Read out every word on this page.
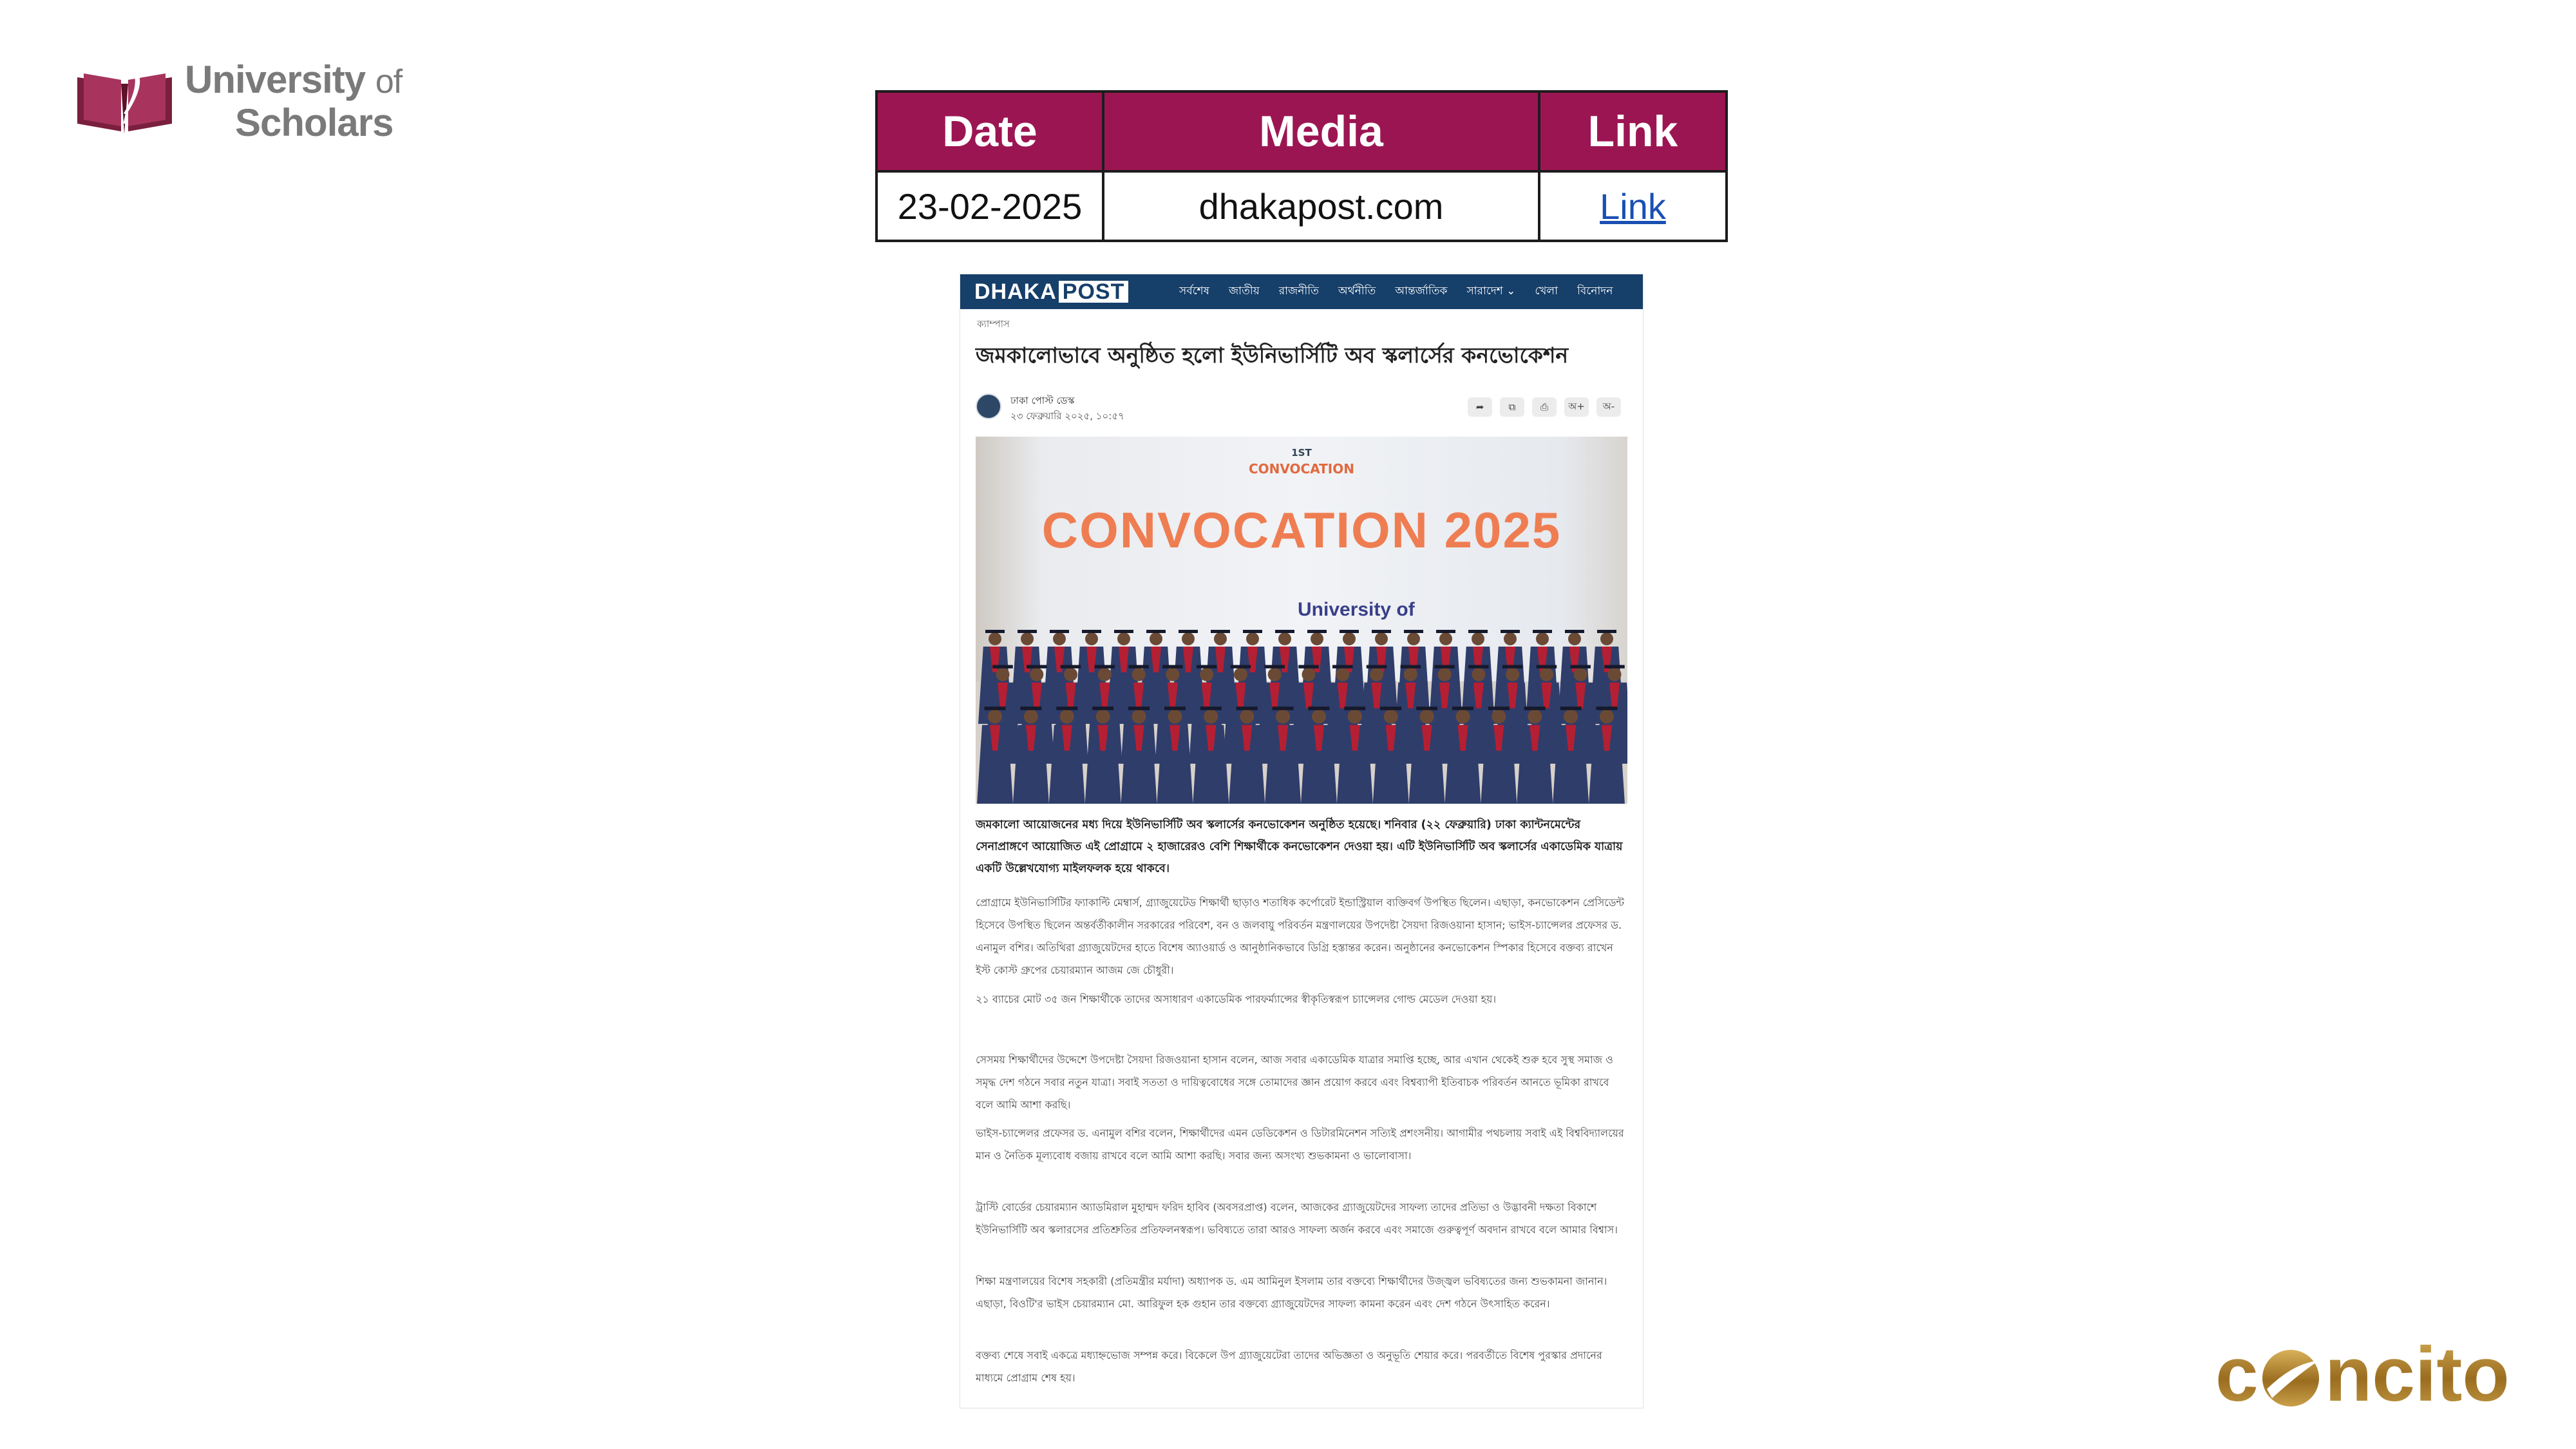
University of
Scholars	Date	Media	Link
23-02-2025	dhakapost.com	Link
DHAKA POST	সর্বশেষ জাতীয় রাজনীতি অর্থনীতি আন্তর্জাতিক সারাদেশ ⌄ খেলা বিনোদন
ক্যাম্পাস
জমকালোভাবে অনুষ্ঠিত হলো ইউনিভার্সিটি অব স্কলার্সের কনভোকেশন
ঢাকা পোস্ট ডেস্ক
২৩ ফেব্রুয়ারি ২০২৫, ১০:৫৭
➦	⧉	⎙	অ+	অ-
1ST
CONVOCATION
CONVOCATION 2025
University of
জমকালো আয়োজনের মধ্য দিয়ে ইউনিভার্সিটি অব স্কলার্সের কনভোকেশন অনুষ্ঠিত হয়েছে। শনিবার (২২ ফেব্রুয়ারি) ঢাকা ক্যান্টনমেন্টের সেনাপ্রাঙ্গণে আয়োজিত এই প্রোগ্রামে ২ হাজারেরও বেশি শিক্ষার্থীকে কনভোকেশন দেওয়া হয়। এটি ইউনিভার্সিটি অব স্কলার্সের একাডেমিক যাত্রায় একটি উল্লেখযোগ্য মাইলফলক হয়ে থাকবে।
প্রোগ্রামে ইউনিভার্সিটির ফ্যাকাল্টি মেম্বার্স, গ্র্যাজুয়েটেড শিক্ষার্থী ছাড়াও শতাধিক কর্পোরেট ইন্ডাস্ট্রিয়াল ব্যক্তিবর্গ উপস্থিত ছিলেন। এছাড়া, কনভোকেশন প্রেসিডেন্ট হিসেবে উপস্থিত ছিলেন অন্তর্বর্তীকালীন সরকারের পরিবেশ, বন ও জলবায়ু পরিবর্তন মন্ত্রণালয়ের উপদেষ্টা সৈয়দা রিজওয়ানা হাসান; ভাইস-চ্যান্সেলর প্রফেসর ড. এনামুল বশির। অতিথিরা গ্র্যাজুয়েটদের হাতে বিশেষ অ্যাওয়ার্ড ও আনুষ্ঠানিকভাবে ডিগ্রি হস্তান্তর করেন। অনুষ্ঠানের কনভোকেশন স্পিকার হিসেবে বক্তব্য রাখেন ইস্ট কোস্ট গ্রুপের চেয়ারম্যান আজম জে চৌধুরী।
২১ ব্যাচের মোট ৩৫ জন শিক্ষার্থীকে তাদের অসাধারণ একাডেমিক পারফর্ম্যান্সের স্বীকৃতিস্বরূপ চ্যান্সেলর গোল্ড মেডেল দেওয়া হয়।
সেসময় শিক্ষার্থীদের উদ্দেশে উপদেষ্টা সৈয়দা রিজওয়ানা হাসান বলেন, আজ সবার একাডেমিক যাত্রার সমাপ্তি হচ্ছে, আর এখান থেকেই শুরু হবে সুস্থ সমাজ ও সমৃদ্ধ দেশ গঠনে সবার নতুন যাত্রা। সবাই সততা ও দায়িত্ববোধের সঙ্গে তোমাদের জ্ঞান প্রয়োগ করবে এবং বিশ্বব্যাপী ইতিবাচক পরিবর্তন আনতে ভূমিকা রাখবে বলে আমি আশা করছি।
ভাইস-চ্যান্সেলর প্রফেসর ড. এনামুল বশির বলেন, শিক্ষার্থীদের এমন ডেডিকেশন ও ডিটারমিনেশন সত্যিই প্রশংসনীয়। আগামীর পথচলায় সবাই এই বিশ্ববিদ্যালয়ের মান ও নৈতিক মূল্যবোধ বজায় রাখবে বলে আমি আশা করছি। সবার জন্য অসংখ্য শুভকামনা ও ভালোবাসা।
ট্রাস্টি বোর্ডের চেয়ারম্যান অ্যাডমিরাল মুহাম্মদ ফরিদ হাবিব (অবসরপ্রাপ্ত) বলেন, আজকের গ্র্যাজুয়েটদের সাফল্য তাদের প্রতিভা ও উদ্ভাবনী দক্ষতা বিকাশে ইউনিভার্সিটি অব স্কলারসের প্রতিশ্রুতির প্রতিফলনস্বরূপ। ভবিষ্যতে তারা আরও সাফল্য অর্জন করবে এবং সমাজে গুরুত্বপূর্ণ অবদান রাখবে বলে আমার বিশ্বাস।
শিক্ষা মন্ত্রণালয়ের বিশেষ সহকারী (প্রতিমন্ত্রীর মর্যাদা) অধ্যাপক ড. এম আমিনুল ইসলাম তার বক্তব্যে শিক্ষার্থীদের উজ্জ্বল ভবিষ্যতের জন্য শুভকামনা জানান। এছাড়া, বিওটি'র ভাইস চেয়ারম্যান মো. আরিফুল হক গুহান তার বক্তব্যে গ্র্যাজুয়েটদের সাফল্য কামনা করেন এবং দেশ গঠনে উৎসাহিত করেন।
বক্তব্য শেষে সবাই একত্রে মধ্যাহ্নভোজ সম্পন্ন করে। বিকেলে উপ গ্র্যাজুয়েটেরা তাদের অভিজ্ঞতা ও অনুভূতি শেয়ার করে। পরবর্তীতে বিশেষ পুরস্কার প্রদানের মাধ্যমে প্রোগ্রাম শেষ হয়।	c ncito
